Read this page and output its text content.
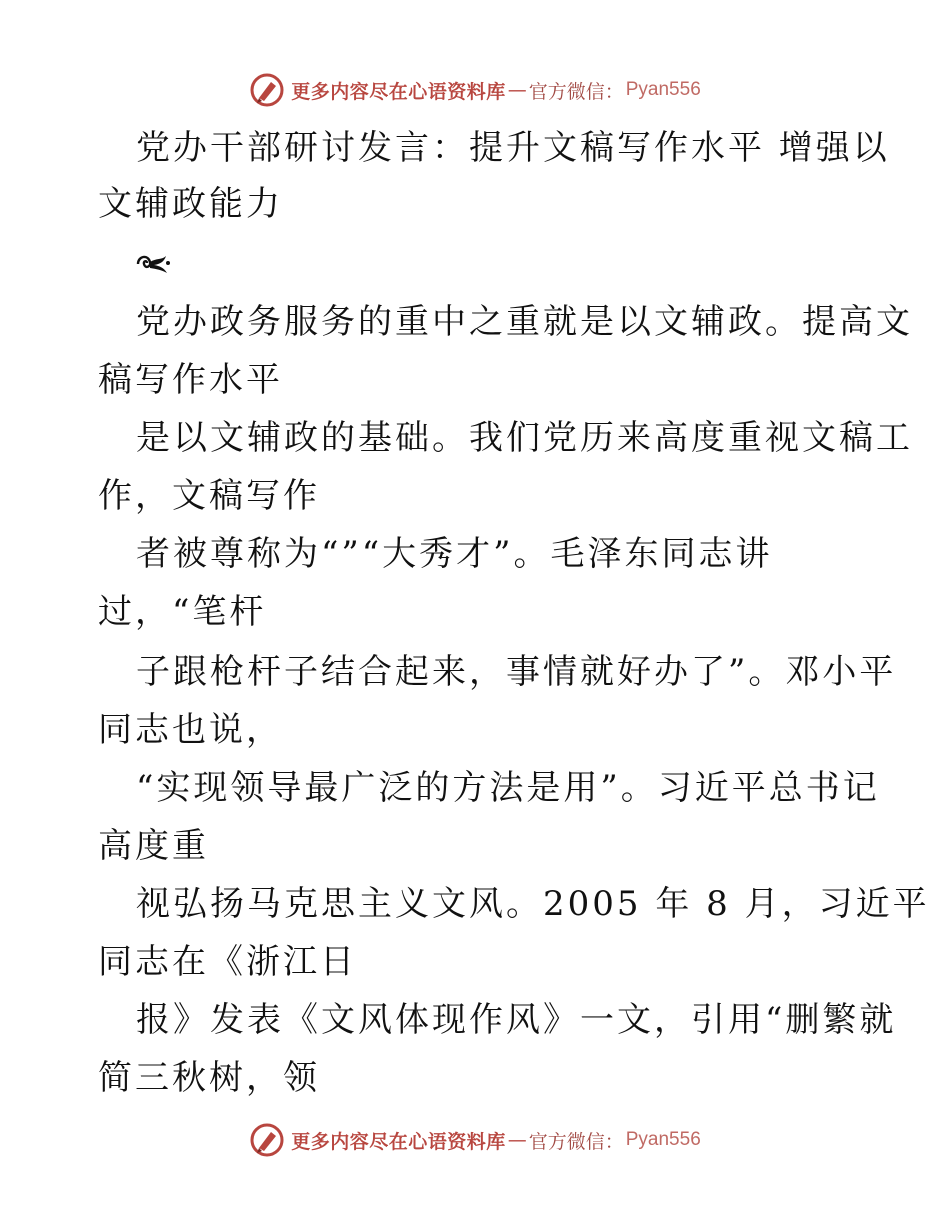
更多内容尽在心语资料库 — 官方微信： Pyan556
党办干部研讨发言：提升文稿写作水平 增强以
文辅政能力
党办政务服务的重中之重就是以文辅政。提高文
稿写作水平
是以文辅政的基础。我们党历来高度重视文稿工
作，文稿写作
者被尊称为“”“大秀才”。毛泽东同志讲
过，“笔杆
子跟枪杆子结合起来，事情就好办了”。邓小平
同志也说，
“实现领导最广泛的方法是用”。习近平总书记
高度重
视弘扬马克思主义文风。2005 年 8 月，习近平
同志在《浙江日
报》发表《文风体现作风》一文，引用“删繁就
简三秋树，领
更多内容尽在心语资料库 — 官方微信： Pyan556
